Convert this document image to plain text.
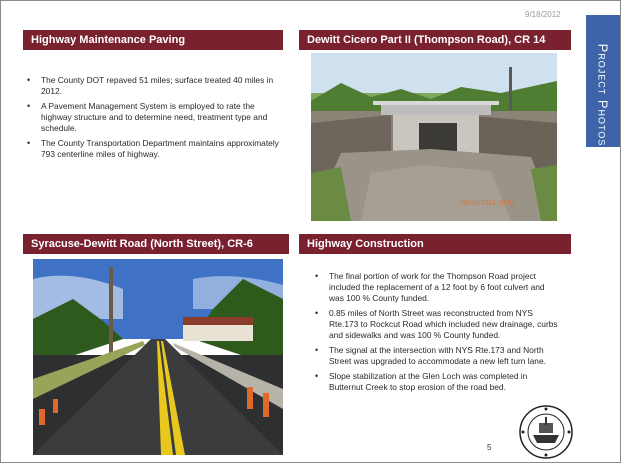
9/18/2012
Project Photos
Highway Maintenance Paving
• The County DOT repaved 51 miles; surface treated 40 miles in 2012.
• A Pavement Management System is employed to rate the highway structure and to determine need, treatment type and schedule.
• The County Transportation Department maintains approximately 793 centerline miles of highway.
Dewitt Cicero Part II (Thompson Road), CR 14
06/28/2012 10:51
Syracuse-Dewitt Road (North Street), CR-6	Highway Construction
• The final portion of work for the Thompson Road project included the replacement of a 12 foot by 6 foot culvert and was 100 % County funded.
• 0.85 miles of North Street was reconstructed from NYS Rte.173 to Rockcut Road which included new drainage, curbs and sidewalks and was 100 % County funded.
• The signal at the intersection with NYS Rte.173 and North Street was upgraded to accommodate a new left turn lane.
• Slope stabilization at the Glen Loch was completed in Butternut Creek to stop erosion of the road bed.
5
